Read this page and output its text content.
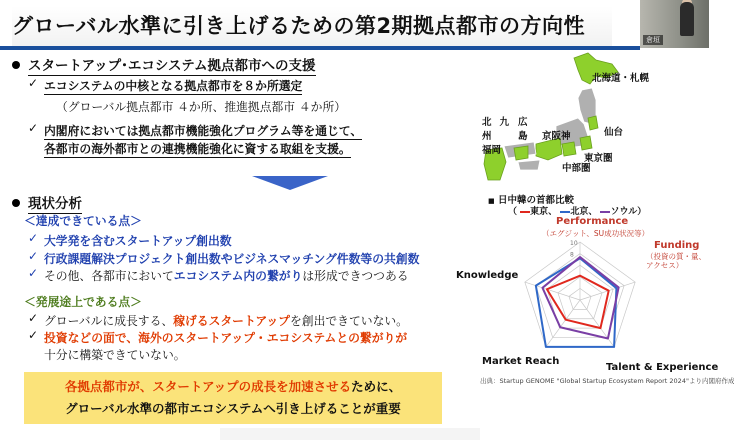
グローバル水準に引き上げるための第2期拠点都市の方向性
倉垣
スタートアップ･エコシステム拠点都市への支援
✓ エコシステムの中核となる拠点都市を８か所選定
（グローバル拠点都市 ４か所、推進拠点都市 ４か所）
✓ 内閣府においては拠点都市機能強化プログラム等を通じて、
各都市の海外都市との連携機能強化に資する取組を支援。
現状分析
＜達成できている点＞
✓ 大学発を含むスタートアップ創出数
✓ 行政課題解決プロジェクト創出数やビジネスマッチング件数等の共創数
✓ その他、各都市においてエコシステム内の繋がりは形成できつつある
＜発展途上である点＞
✓ グローバルに成長する、稼げるスタートアップを創出できていない。
✓ 投資などの面で、海外のスタートアップ・エコシステムとの繋がりが
十分に構築できていない。
各拠点都市が、スタートアップの成長を加速させるために、
グローバル水準の都市エコシステムへ引き上げることが重要
北海道・札幌
仙台
京阪神
東京圏
中部圏
広
島
北 九
州
福岡
■ 日中韓の首都比較
（ 東京、 北京、 ソウル）
10
8
Performance
（エグジット、SU成功状況等）
Funding
（投資の質・量、
アクセス）
Talent & Experience
Market Reach
Knowledge
出典：Startup GENOME "Global Startup Ecosystem Report 2024"より内閣府作成
